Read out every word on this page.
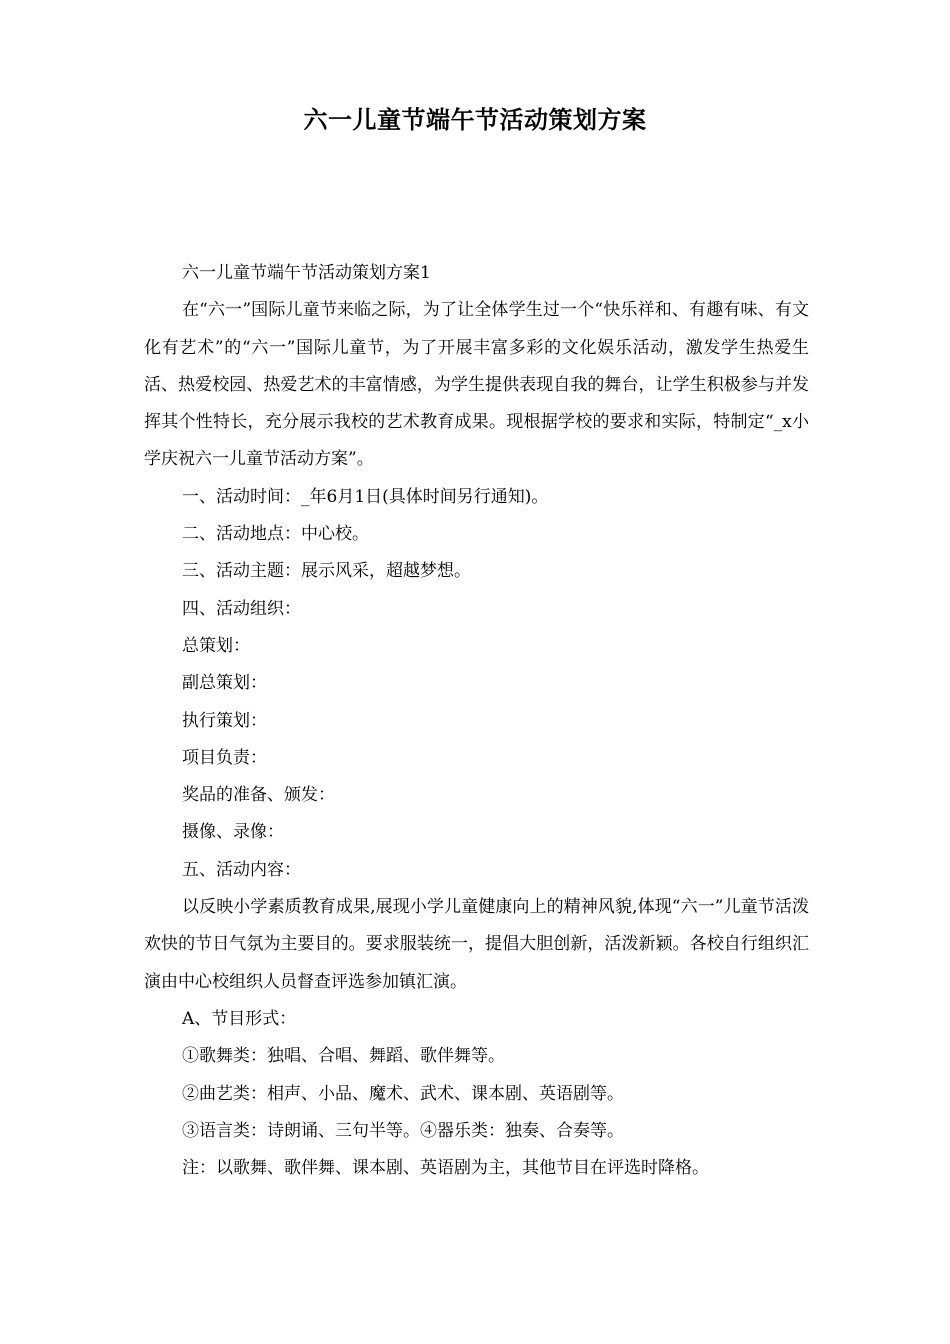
六一儿童节端午节活动策划方案

六一儿童节端午节活动策划方案1

在“六一”国际儿童节来临之际，为了让全体学生过一个“快乐祥和、有趣有味、有文化有艺术”的“六一”国际儿童节，为了开展丰富多彩的文化娱乐活动，激发学生热爱生活、热爱校园、热爱艺术的丰富情感，为学生提供表现自我的舞台，让学生积极参与并发挥其个性特长，充分展示我校的艺术教育成果。现根据学校的要求和实际，特制定“_x小学庆祝六一儿童节活动方案”。

一、活动时间：_年6月1日(具体时间另行通知)。

二、活动地点：中心校。

三、活动主题：展示风采，超越梦想。

四、活动组织：

总策划：

副总策划：

执行策划：

项目负责：

奖品的准备、颁发：

摄像、录像：

五、活动内容：

以反映小学素质教育成果,展现小学儿童健康向上的精神风貌,体现“六一”儿童节活泼欢快的节日气氛为主要目的。要求服装统一，提倡大胆创新，活泼新颖。各校自行组织汇演由中心校组织人员督查评选参加镇汇演。

A、节目形式：

①歌舞类：独唱、合唱、舞蹈、歌伴舞等。

②曲艺类：相声、小品、魔术、武术、课本剧、英语剧等。

③语言类：诗朗诵、三句半等。④器乐类：独奏、合奏等。

注：以歌舞、歌伴舞、课本剧、英语剧为主，其他节目在评选时降格。
